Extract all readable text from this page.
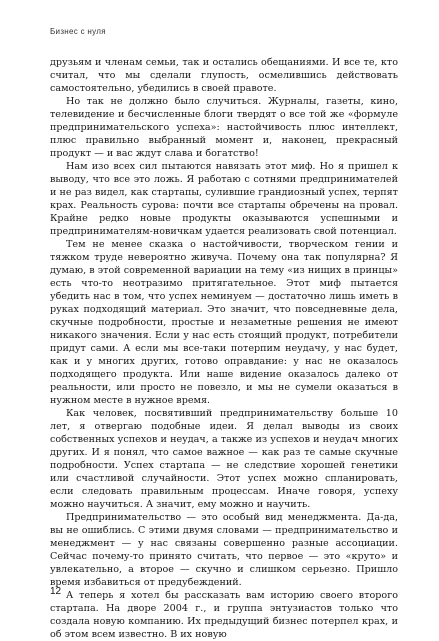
Бизнес с нуля

друзьям и членам семьи, так и остались обещаниями. И все те, кто считал, что мы сделали глупость, осмелившись действовать самостоятельно, убедились в своей правоте.

Но так не должно было случиться. Журналы, газеты, кино, телевидение и бесчисленные блоги твердят о все той же «формуле предпринимательского успеха»: настойчивость плюс интеллект, плюс правильно выбранный момент и, наконец, прекрасный продукт — и вас ждут слава и богатство!

Нам изо всех сил пытаются навязать этот миф. Но я пришел к выводу, что все это ложь. Я работаю с сотнями предпринимателей и не раз видел, как стартапы, сулившие грандиозный успех, терпят крах. Реальность сурова: почти все стартапы обречены на провал. Крайне редко новые продукты оказываются успешными и предпринимателям-новичкам удается реализовать свой потенциал.

Тем не менее сказка о настойчивости, творческом гении и тяжком труде невероятно живуча. Почему она так популярна? Я думаю, в этой современной вариации на тему «из нищих в принцы» есть что-то неотразимо притягательное. Этот миф пытается убедить нас в том, что успех неминуем — достаточно лишь иметь в руках подходящий материал. Это значит, что повседневные дела, скучные подробности, простые и незаметные решения не имеют никакого значения. Если у нас есть стоящий продукт, потребители придут сами. А если мы все-таки потерпим неудачу, у нас будет, как и у многих других, готово оправдание: у нас не оказалось подходящего продукта. Или наше видение оказалось далеко от реальности, или просто не повезло, и мы не сумели оказаться в нужном месте в нужное время.

Как человек, посвятивший предпринимательству больше 10 лет, я отвергаю подобные идеи. Я делал выводы из своих собственных успехов и неудач, а также из успехов и неудач многих других. И я понял, что самое важное — как раз те самые скучные подробности. Успех стартапа — не следствие хорошей генетики или счастливой случайности. Этот успех можно спланировать, если следовать правильным процессам. Иначе говоря, успеху можно научиться. А значит, ему можно и научить.

Предпринимательство — это особый вид менеджмента. Да-да, вы не ошиблись. С этими двумя словами — предпринимательство и менеджмент — у нас связаны совершенно разные ассоциации. Сейчас почему-то принято считать, что первое — это «круто» и увлекательно, а второе — скучно и слишком серьезно. Пришло время избавиться от предубеждений.

А теперь я хотел бы рассказать вам историю своего второго стартапа. На дворе 2004 г., и группа энтузиастов только что создала новую компанию. Их предыдущий бизнес потерпел крах, и об этом всем известно. В их новую

12
